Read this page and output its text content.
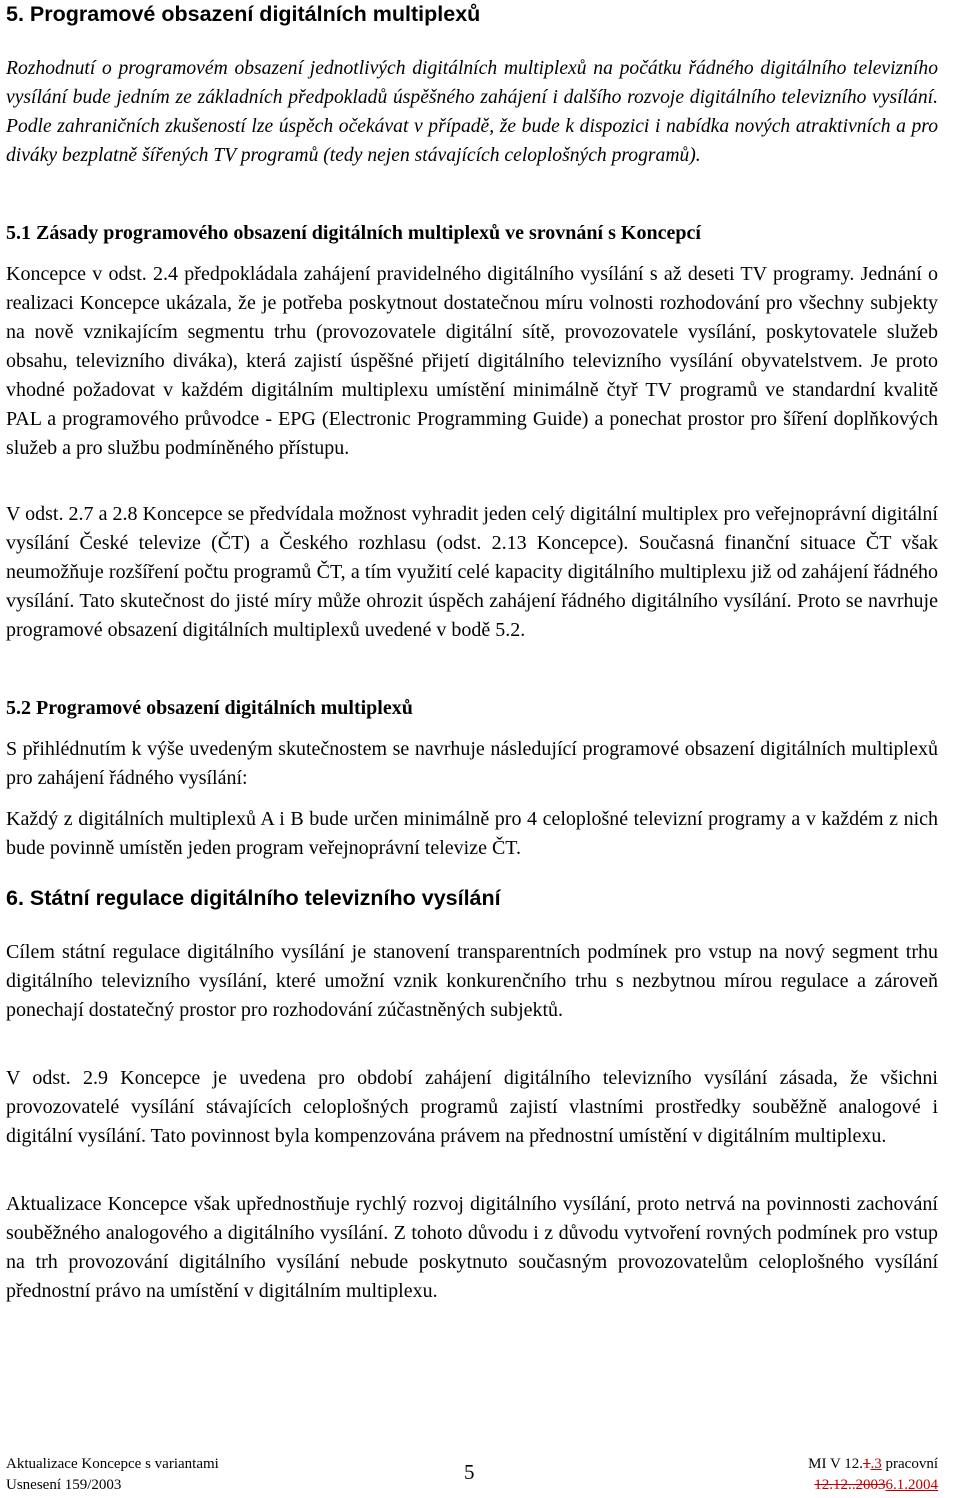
5. Programové obsazení digitálních multiplexů

Rozhodnutí o programovém obsazení jednotlivých digitálních multiplexů na počátku řádného digitálního televizního vysílání bude jedním ze základních předpokladů úspěšného zahájení i dalšího rozvoje digitálního televizního vysílání. Podle zahraničních zkušeností lze úspěch očekávat v případě, že bude k dispozici i nabídka nových atraktivních a pro diváky bezplatně šířených TV programů (tedy nejen stávajících celoplošných programů).

5.1 Zásady programového obsazení digitálních multiplexů ve srovnání s Koncepcí

Koncepce v odst. 2.4 předpokládala zahájení pravidelného digitálního vysílání s až deseti TV programy. Jednání o realizaci Koncepce ukázala, že je potřeba poskytnout dostatečnou míru volnosti rozhodování pro všechny subjekty na nově vznikajícím segmentu trhu (provozovatele digitální sítě, provozovatele vysílání, poskytovatele služeb obsahu, televizního diváka), která zajistí úspěšné přijetí digitálního televizního vysílání obyvatelstvem. Je proto vhodné požadovat v každém digitálním multiplexu umístění minimálně čtyř TV programů ve standardní kvalitě PAL a programového průvodce - EPG (Electronic Programming Guide) a ponechat prostor pro šíření doplňkových služeb a pro službu podmíněného přístupu.

V odst. 2.7 a 2.8 Koncepce se předvídala možnost vyhradit jeden celý digitální multiplex pro veřejnoprávní digitální vysílání České televize (ČT) a Českého rozhlasu (odst. 2.13 Koncepce). Současná finanční situace ČT však neumožňuje rozšíření počtu programů ČT, a tím využití celé kapacity digitálního multiplexu již od zahájení řádného vysílání. Tato skutečnost do jisté míry může ohrozit úspěch zahájení řádného digitálního vysílání. Proto se navrhuje programové obsazení digitálních multiplexů uvedené v bodě 5.2.

5.2 Programové obsazení digitálních multiplexů

S přihlédnutím k výše uvedeným skutečnostem se navrhuje následující programové obsazení digitálních multiplexů pro zahájení řádného vysílání:

Každý z digitálních multiplexů A i B bude určen minimálně pro 4 celoplošné televizní programy a v každém z nich bude povinně umístěn jeden program veřejnoprávní televize ČT.

6. Státní regulace digitálního televizního vysílání

Cílem státní regulace digitálního vysílání je stanovení transparentních podmínek pro vstup na nový segment trhu digitálního televizního vysílání, které umožní vznik konkurenčního trhu s nezbytnou mírou regulace a zároveň ponechají dostatečný prostor pro rozhodování zúčastněných subjektů.

V odst. 2.9 Koncepce je uvedena pro období zahájení digitálního televizního vysílání zásada, že všichni provozovatelé vysílání stávajících celoplošných programů zajistí vlastními prostředky souběžně analogové i digitální vysílání. Tato povinnost byla kompenzována právem na přednostní umístění v digitálním multiplexu.

Aktualizace Koncepce však upřednostňuje rychlý rozvoj digitálního vysílání, proto netrvá na povinnosti zachování souběžného analogového a digitálního vysílání. Z tohoto důvodu i z důvodu vytvoření rovných podmínek pro vstup na trh provozování digitálního vysílání nebude poskytnuto současným provozovatelům celoplošného vysílání přednostní právo na umístění v digitálním multiplexu.

Aktualizace Koncepce s variantami
Usnesení 159/2003
5	MI V 12.1.3 pracovní
12.12..20036.1.2004
